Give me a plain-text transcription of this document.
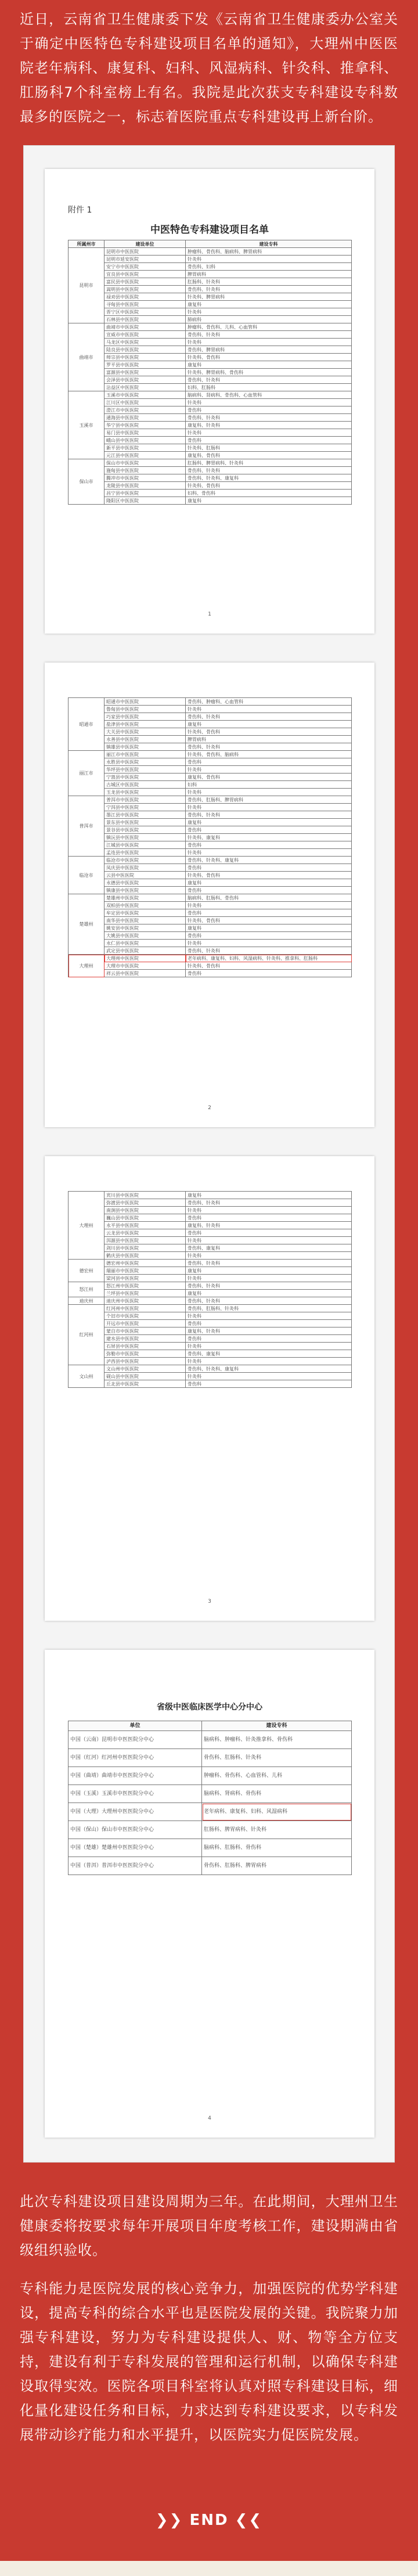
近日，云南省卫生健康委下发《云南省卫生健康委办公室关于确定中医特色专科建设项目名单的通知》，大理州中医医院老年病科、康复科、妇科、风湿病科、针灸科、推拿科、肛肠科7个科室榜上有名。我院是此次获支专科建设专科数最多的医院之一，标志着医院重点专科建设再上新台阶。

附件 1
中医特色专科建设项目名单
所属州市	建设单位	建设专科
昆明市	昆明市中医医院	肿瘤科、骨伤科、脑病科、脾胃病科
	昆明市延安医院	针灸科
	安宁市中医医院	骨伤科、妇科
	宜良县中医医院	脾胃病科
	富民县中医医院	肛肠科、针灸科
	嵩明县中医医院	骨伤科、针灸科
	禄劝县中医医院	针灸科、脾胃病科
	寻甸县中医医院	康复科
	晋宁区中医医院	针灸科
	石林县中医医院	肺病科
曲靖市	曲靖市中医医院	肿瘤科、骨伤科、儿科、心血管科
	宣威市中医医院	骨伤科、针灸科
	马龙区中医医院	针灸科
	陆良县中医医院	骨伤科、脾胃病科
	师宗县中医医院	针灸科、骨伤科
	罗平县中医医院	康复科
	富源县中医医院	针灸科、脾胃病科、骨伤科
	会泽县中医医院	骨伤科、针灸科
	沾益区中医医院	妇科、肛肠科
玉溪市	玉溪市中医医院	脑病科、肾病科、骨伤科、心血管科
	江川区中医医院	针灸科
	澄江市中医医院	骨伤科
	通海县中医医院	骨伤科、针灸科
	华宁县中医医院	康复科、针灸科
	易门县中医医院	针灸科
	峨山县中医医院	骨伤科
	新平县中医医院	针灸科、肛肠科
	元江县中医医院	康复科、骨伤科
保山市	保山市中医医院	肛肠科、脾胃病科、针灸科
	施甸县中医医院	骨伤科、针灸科
	腾冲市中医医院	骨伤科、针灸科、康复科
	龙陵县中医医院	针灸科、骨伤科
	昌宁县中医医院	妇科、骨伤科
	隆阳区中医医院	康复科
1
昭通市	昭通市中医医院	骨伤科、肿瘤科、心血管科
	鲁甸县中医医院	针灸科
	巧家县中医医院	骨伤科、针灸科
	盐津县中医医院	康复科
	大关县中医医院	针灸科、骨伤科
	永善县中医医院	脾胃病科
	镇雄县中医医院	骨伤科、针灸科
丽江市	丽江市中医医院	针灸科、骨伤科、脑病科
	永胜县中医医院	骨伤科
	华坪县中医医院	针灸科
	宁蒗县中医医院	康复科、骨伤科
	古城区中医医院	妇科
	玉龙县中医医院	针灸科
普洱市	普洱市中医医院	骨伤科、肛肠科、脾胃病科
	宁洱县中医医院	针灸科
	墨江县中医医院	骨伤科、针灸科
	景东县中医医院	康复科
	景谷县中医医院	骨伤科
	镇沅县中医医院	针灸科、康复科
	江城县中医医院	骨伤科
	孟连县中医医院	针灸科
临沧市	临沧市中医医院	骨伤科、针灸科、康复科
	凤庆县中医医院	骨伤科
	云县中医医院	针灸科、骨伤科
	永德县中医医院	康复科
	镇康县中医医院	骨伤科
楚雄州	楚雄州中医医院	脑病科、肛肠科、骨伤科
	双柏县中医医院	针灸科
	牟定县中医医院	骨伤科
	南华县中医医院	针灸科、骨伤科
	姚安县中医医院	康复科
	大姚县中医医院	骨伤科
	永仁县中医医院	针灸科
	武定县中医医院	骨伤科、针灸科
大理州	大理州中医医院	老年病科、康复科、妇科、风湿病科、针灸科、推拿科、肛肠科
	大理市中医医院	针灸科、骨伤科
	祥云县中医医院	骨伤科
2
大理州	宾川县中医医院	康复科
	弥渡县中医医院	骨伤科、针灸科
	南涧县中医医院	针灸科
	巍山县中医医院	骨伤科
	永平县中医医院	康复科、针灸科
	云龙县中医医院	骨伤科
	洱源县中医医院	针灸科
	剑川县中医医院	骨伤科、康复科
	鹤庆县中医医院	针灸科
德宏州	德宏州中医医院	骨伤科、针灸科
	瑞丽市中医医院	康复科
	梁河县中医医院	针灸科
怒江州	怒江州中医医院	骨伤科、针灸科
	兰坪县中医医院	康复科
迪庆州	迪庆州中医医院	骨伤科、针灸科
红河州	红河州中医医院	骨伤科、肛肠科、针灸科
	个旧市中医医院	针灸科
	开远市中医医院	骨伤科
	蒙自市中医医院	康复科、针灸科
	建水县中医医院	骨伤科
	石屏县中医医院	针灸科
	弥勒市中医医院	骨伤科、康复科
	泸西县中医医院	针灸科
文山州	文山州中医医院	骨伤科、针灸科、康复科
	砚山县中医医院	针灸科
	丘北县中医医院	骨伤科
3
省级中医临床医学中心分中心
单位	建设专科
中国（云南）昆明市中医医院分中心	脑病科、肿瘤科、针灸推拿科、骨伤科
中国（红河）红河州中医医院分中心	骨伤科、肛肠科、针灸科
中国（曲靖）曲靖市中医医院分中心	肿瘤科、骨伤科、心血管科、儿科
中国（玉溪）玉溪市中医医院分中心	脑病科、肾病科、骨伤科
中国（大理）大理州中医医院分中心	老年病科、康复科、妇科、风湿病科
中国（保山）保山市中医医院分中心	肛肠科、脾胃病科、针灸科
中国（楚雄）楚雄州中医医院分中心	脑病科、肛肠科、骨伤科
中国（普洱）普洱市中医医院分中心	骨伤科、肛肠科、脾胃病科
4

此次专科建设项目建设周期为三年。在此期间，大理州卫生健康委将按要求每年开展项目年度考核工作，建设期满由省级组织验收。

专科能力是医院发展的核心竞争力，加强医院的优势学科建设，提高专科的综合水平也是医院发展的关键。我院聚力加强专科建设，努力为专科建设提供人、财、物等全方位支持，建设有利于专科发展的管理和运行机制，以确保专科建设取得实效。医院各项目科室将认真对照专科建设目标，细化量化建设任务和目标，力求达到专科建设要求，以专科发展带动诊疗能力和水平提升，以医院实力促医院发展。

❯❯ END ❮❮
